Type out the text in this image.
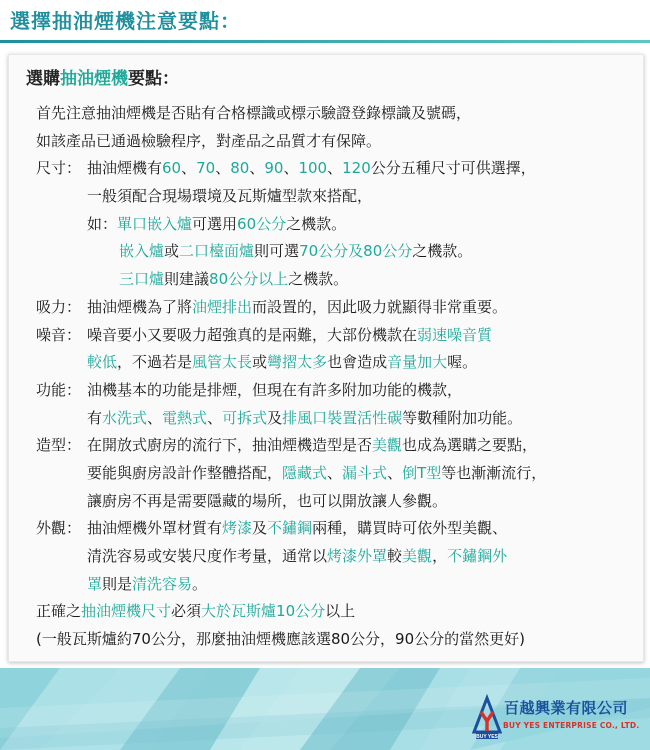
選擇抽油煙機注意要點：
選購抽油煙機要點：
首先注意抽油煙機是否貼有合格標識或標示驗證登錄標識及號碼，
如該產品已通過檢驗程序，對產品之品質才有保障。
尺寸： 抽油煙機有60、70、80、90、100、120公分五種尺寸可供選擇，
一般須配合現場環境及瓦斯爐型款來搭配，
如：單口嵌入爐可選用60公分之機款。
嵌入爐或二口檯面爐則可選70公分及80公分之機款。
三口爐則建議80公分以上之機款。
吸力： 抽油煙機為了將油煙排出而設置的，因此吸力就顯得非常重要。
噪音： 噪音要小又要吸力超強真的是兩難，大部份機款在弱速噪音質
較低，不過若是風管太長或彎摺太多也會造成音量加大喔。
功能： 油機基本的功能是排煙，但現在有許多附加功能的機款，
有水洗式、電熱式、可拆式及排風口裝置活性碳等數種附加功能。
造型： 在開放式廚房的流行下，抽油煙機造型是否美觀也成為選購之要點，
要能與廚房設計作整體搭配，隱藏式、漏斗式、倒T型等也漸漸流行，
讓廚房不再是需要隱藏的場所，也可以開放讓人參觀。
外觀： 抽油煙機外罩材質有烤漆及不鏽鋼兩種，購買時可依外型美觀、
清洗容易或安裝尺度作考量，通常以烤漆外罩較美觀，不鏽鋼外
罩則是清洗容易。
正確之抽油煙機尺寸必須大於瓦斯爐10公分以上
(一般瓦斯爐約70公分，那麼抽油煙機應該選80公分，90公分的當然更好)
BUY YES
百越興業有限公司
BUY YES ENTERPRISE CO., LTD.
